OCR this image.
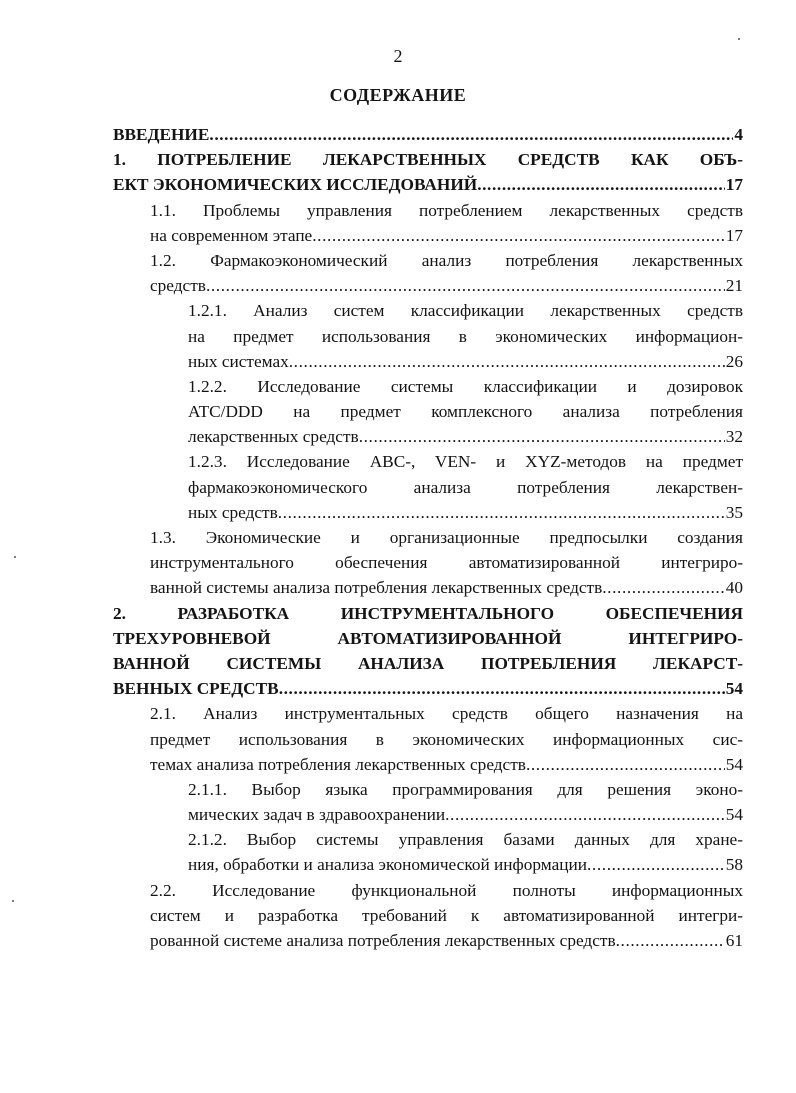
2
СОДЕРЖАНИЕ
ВВЕДЕНИЕ .....	4
1. ПОТРЕБЛЕНИЕ ЛЕКАРСТВЕННЫХ СРЕДСТВ КАК ОБЪ-
ЕКТ ЭКОНОМИЧЕСКИХ ИССЛЕДОВАНИЙ .....	17
1.1. Проблемы управления потреблением лекарственных средств
на современном этапе .....	17
1.2. Фармакоэкономический анализ потребления лекарственных
средств .....	21
1.2.1. Анализ систем классификации лекарственных средств
на предмет использования в экономических информацион-
ных системах .....	26
1.2.2. Исследование системы классификации и дозировок
ATC/DDD на предмет комплексного анализа потребления
лекарственных средств .....	32
1.2.3. Исследование ABC-, VEN- и XYZ-методов на предмет
фармакоэкономического анализа потребления лекарствен-
ных средств .....	35
1.3. Экономические и организационные предпосылки создания
инструментального обеспечения автоматизированной интегриро-
ванной системы анализа потребления лекарственных средств .....	40
2. РАЗРАБОТКА ИНСТРУМЕНТАЛЬНОГО ОБЕСПЕЧЕНИЯ
ТРЕХУРОВНЕВОЙ АВТОМАТИЗИРОВАННОЙ ИНТЕГРИРО-
ВАННОЙ СИСТЕМЫ АНАЛИЗА ПОТРЕБЛЕНИЯ ЛЕКАРСТ-
ВЕННЫХ СРЕДСТВ .....	54
2.1. Анализ инструментальных средств общего назначения на
предмет использования в экономических информационных сис-
темах анализа потребления лекарственных средств .....	54
2.1.1. Выбор языка программирования для решения эконо-
мических задач в здравоохранении .....	54
2.1.2. Выбор системы управления базами данных для хране-
ния, обработки и анализа экономической информации .....	58
2.2. Исследование функциональной полноты информационных
систем и разработка требований к автоматизированной интегри-
рованной системе анализа потребления лекарственных средств .....	61
